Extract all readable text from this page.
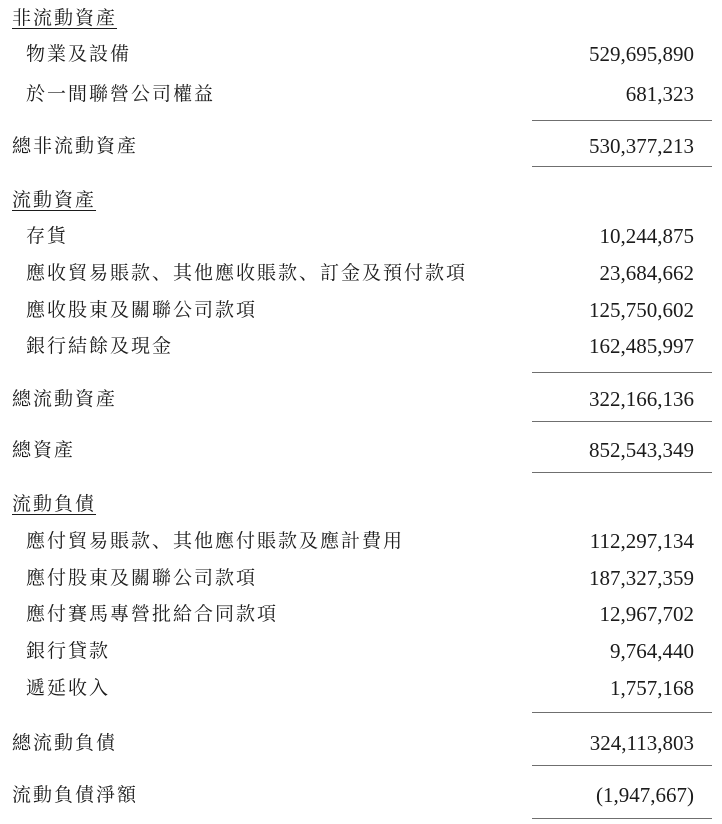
非流動資產
物業及設備	529,695,890
於一間聯營公司權益	681,323
總非流動資產	530,377,213
流動資產
存貨	10,244,875
應收貿易賬款、其他應收賬款、訂金及預付款項	23,684,662
應收股東及關聯公司款項	125,750,602
銀行結餘及現金	162,485,997
總流動資產	322,166,136
總資產	852,543,349
流動負債
應付貿易賬款、其他應付賬款及應計費用	112,297,134
應付股東及關聯公司款項	187,327,359
應付賽馬專營批給合同款項	12,967,702
銀行貸款	9,764,440
遞延收入	1,757,168
總流動負債	324,113,803
流動負債淨額	(1,947,667)
